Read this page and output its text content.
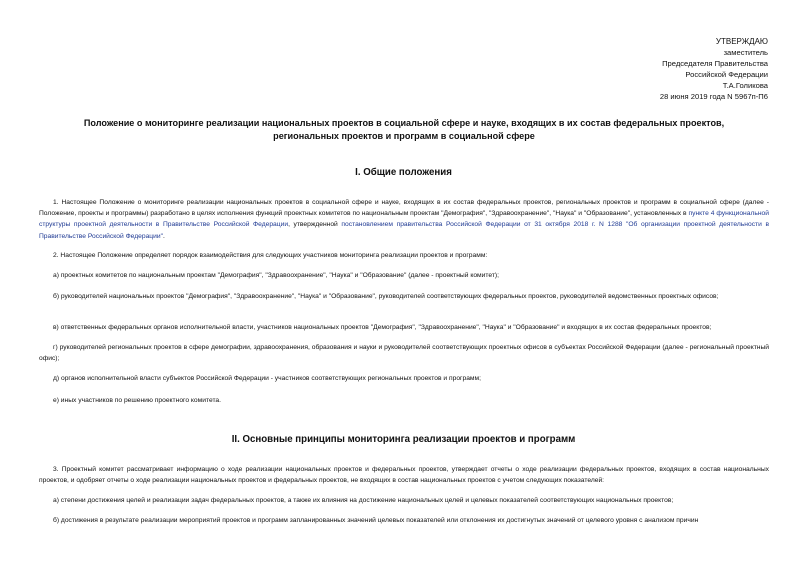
УТВЕРЖДАЮ
заместитель
Председателя Правительства
Российской Федерации
Т.А.Голикова
28 июня 2019 года N 5967п-П6
Положение о мониторинге реализации национальных проектов в социальной сфере и науке, входящих в их состав федеральных проектов, региональных проектов и программ в социальной сфере
I. Общие положения
1. Настоящее Положение о мониторинге реализации национальных проектов в социальной сфере и науке, входящих в их состав федеральных проектов, региональных проектов и программ в социальной сфере (далее - Положение, проекты и программы) разработано в целях исполнения функций проектных комитетов по национальным проектам "Демография", "Здравоохранение", "Наука" и "Образование", установленных в пункте 4 функциональной структуры проектной деятельности в Правительстве Российской Федерации, утвержденной постановлением правительства Российской Федерации от 31 октября 2018 г. N 1288 "Об организации проектной деятельности в Правительстве Российской Федерации".
2. Настоящее Положение определяет порядок взаимодействия для следующих участников мониторинга реализации проектов и программ:
а) проектных комитетов по национальным проектам "Демография", "Здравоохранение", "Наука" и "Образование" (далее - проектный комитет);
б) руководителей национальных проектов "Демография", "Здравоохранение", "Наука" и "Образование", руководителей соответствующих федеральных проектов, руководителей ведомственных проектных офисов;
в) ответственных федеральных органов исполнительной власти, участников национальных проектов "Демография", "Здравоохранение", "Наука" и "Образование" и входящих в их состав федеральных проектов;
г) руководителей региональных проектов в сфере демографии, здравоохранения, образования и науки и руководителей соответствующих проектных офисов в субъектах Российской Федерации (далее - региональный проектный офис);
д) органов исполнительной власти субъектов Российской Федерации - участников соответствующих региональных проектов и программ;
е) иных участников по решению проектного комитета.
II. Основные принципы мониторинга реализации проектов и программ
3. Проектный комитет рассматривает информацию о ходе реализации национальных проектов и федеральных проектов, утверждает отчеты о ходе реализации федеральных проектов, входящих в состав национальных проектов, и одобряет отчеты о ходе реализации национальных проектов и федеральных проектов, не входящих в состав национальных проектов с учетом следующих показателей:
а) степени достижения целей и реализации задач федеральных проектов, а также их влияния на достижение национальных целей и целевых показателей соответствующих национальных проектов;
б) достижения в результате реализации мероприятий проектов и программ запланированных значений целевых показателей или отклонения их достигнутых значений от целевого уровня с анализом причин
